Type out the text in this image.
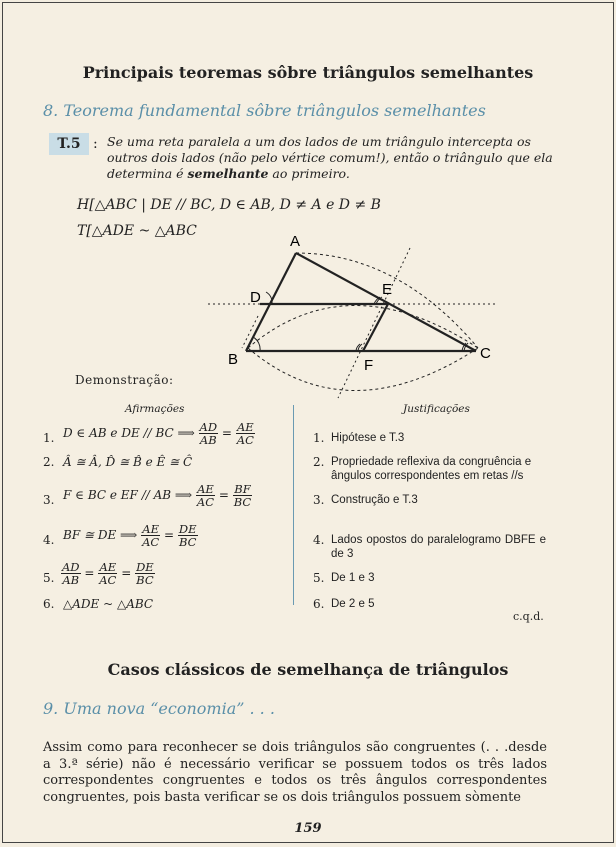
Principais teoremas sôbre triângulos semelhantes
8. Teorema fundamental sôbre triângulos semelhantes
T.5 : Se uma reta paralela a um dos lados de um triângulo intercepta os outros dois lados (não pelo vértice comum!), então o triângulo que ela determina é semelhante ao primeiro.
H[△ABC | DE // BC, D ∈ AB, D ≠ A e D ≠ B
T[△ADE ~ △ABC
A
B	C
D	E
F
Demonstração:
Afirmações	Justificações
1. D ∈ AB e DE // BC ⟹ $\frac{AD}{AB} = \frac{AE}{AC}$	1. Hipótese e T.3
2. Â ≅ Â, D̂ ≅ B̂ e Ê ≅ Ĉ	2. Propriedade reflexiva da congruência e ângulos correspondentes em retas //s
3. F ∈ BC e EF // AB ⟹ $\frac{AE}{AC} = \frac{BF}{BC}$	3. Construção e T.3
4. BF ≅ DE ⟹ $\frac{AE}{AC} = \frac{DE}{BC}$	4. Lados opostos do paralelogramo DBFE e de 3
5. $\frac{AD}{AB} = \frac{AE}{AC} = \frac{DE}{BC}$	5. De 1 e 3
6. △ADE ~ △ABC	6. De 2 e 5
c.q.d.
Casos clássicos de semelhança de triângulos
9. Uma nova “economia” . . .
Assim como para reconhecer se dois triângulos são congruentes (. . .desde a 3.ª série) não é necessário verificar se possuem todos os três lados correspondentes congruentes e todos os três ângulos correspondentes congruentes, pois basta verificar se os dois triângulos possuem sòmente
159
